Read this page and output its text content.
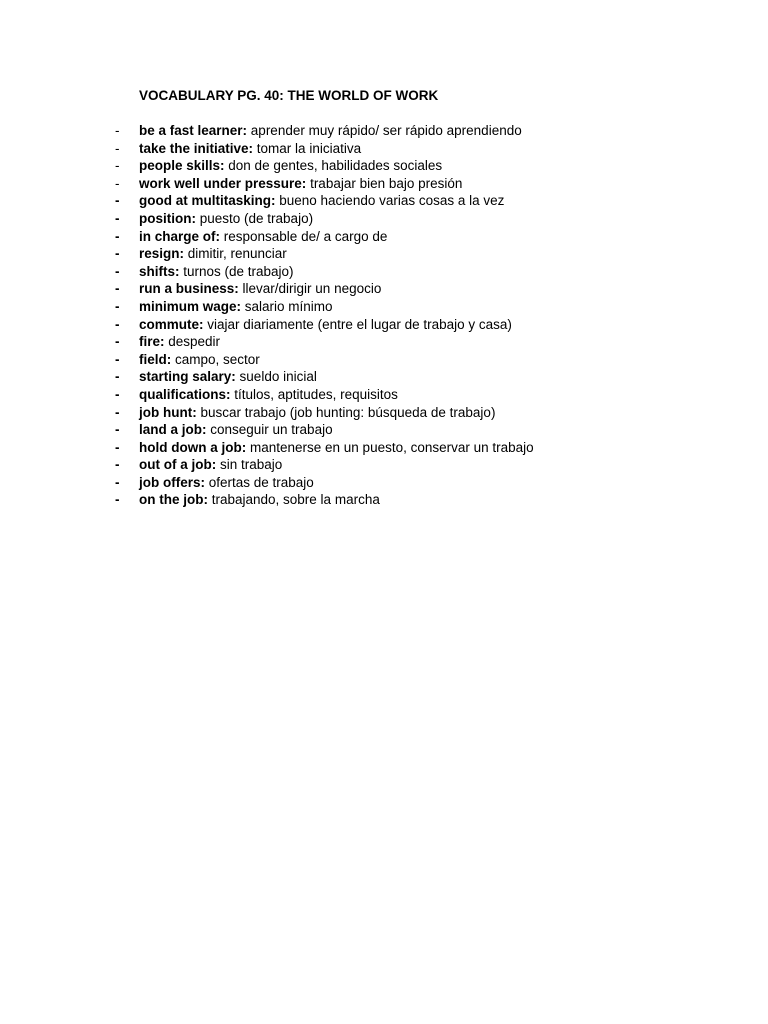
VOCABULARY PG. 40: THE WORLD OF WORK
-	be a fast learner: aprender muy rápido/ ser rápido aprendiendo
-	take the initiative: tomar la iniciativa
-	people skills: don de gentes, habilidades sociales
-	work well under pressure: trabajar bien bajo presión
-	good at multitasking: bueno haciendo varias cosas a la vez
-	position: puesto (de trabajo)
-	in charge of: responsable de/ a cargo de
-	resign: dimitir, renunciar
-	shifts: turnos (de trabajo)
-	run a business: llevar/dirigir un negocio
-	minimum wage: salario mínimo
-	commute: viajar diariamente (entre el lugar de trabajo y casa)
-	fire: despedir
-	field: campo, sector
-	starting salary: sueldo inicial
-	qualifications: títulos, aptitudes, requisitos
-	job hunt: buscar trabajo (job hunting: búsqueda de trabajo)
-	land a job: conseguir un trabajo
-	hold down a job: mantenerse en un puesto, conservar un trabajo
-	out of a job: sin trabajo
-	job offers: ofertas de trabajo
-	on the job: trabajando, sobre la marcha
